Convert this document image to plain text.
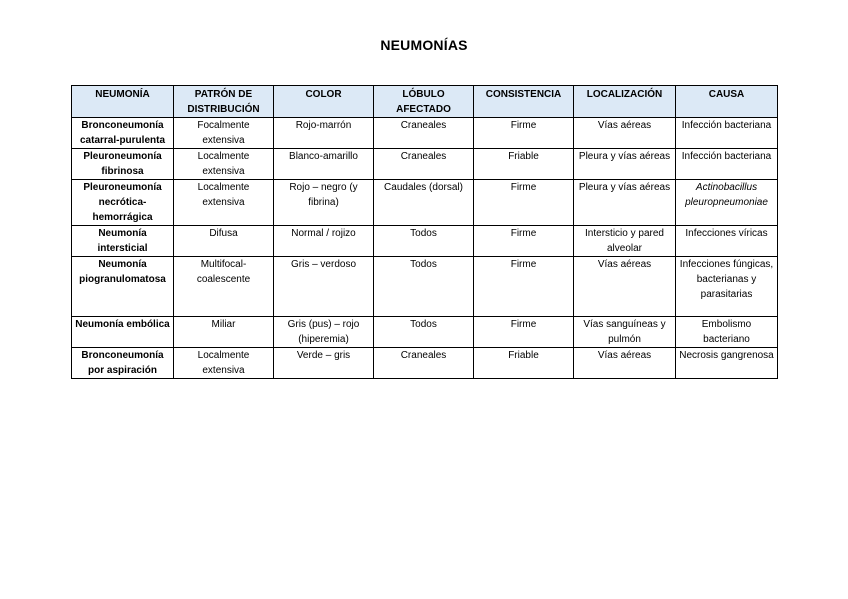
NEUMONÍAS
NEUMONÍA	PATRÓN DE DISTRIBUCIÓN	COLOR	LÓBULO AFECTADO	CONSISTENCIA	LOCALIZACIÓN	CAUSA
Bronconeumonía catarral-purulenta	Focalmente extensiva	Rojo-marrón	Craneales	Firme	Vías aéreas	Infección bacteriana
Pleuroneumonía fibrinosa	Localmente extensiva	Blanco-amarillo	Craneales	Friable	Pleura y vías aéreas	Infección bacteriana
Pleuroneumonía necrótica-hemorrágica	Localmente extensiva	Rojo – negro (y fibrina)	Caudales (dorsal)	Firme	Pleura y vías aéreas	Actinobacillus pleuropneumoniae
Neumonía intersticial	Difusa	Normal / rojizo	Todos	Firme	Intersticio y pared alveolar	Infecciones víricas
Neumonía piogranulomatosa	Multifocal-coalescente	Gris – verdoso	Todos	Firme	Vías aéreas	Infecciones fúngicas, bacterianas y parasitarias
Neumonía embólica	Miliar	Gris (pus) – rojo (hiperemia)	Todos	Firme	Vías sanguíneas y pulmón	Embolismo bacteriano
Bronconeumonía por aspiración	Localmente extensiva	Verde – gris	Craneales	Friable	Vías aéreas	Necrosis gangrenosa
